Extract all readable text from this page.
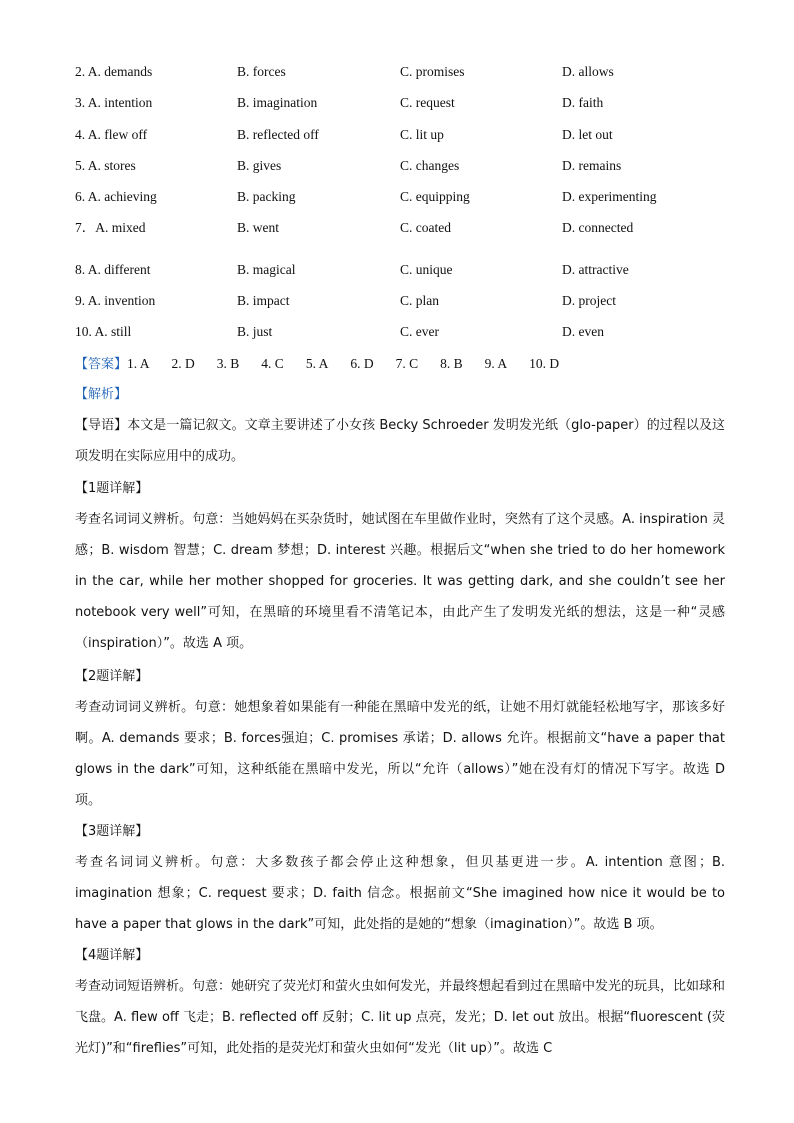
2. A. demands	B. forces	C. promises	D. allows
3. A. intention	B. imagination	C. request	D. faith
4. A. flew off	B. reflected off	C. lit up	D. let out
5. A. stores	B. gives	C. changes	D. remains
6. A. achieving	B. packing	C. equipping	D. experimenting
7．A. mixed	B. went	C. coated	D. connected
8. A. different	B. magical	C. unique	D. attractive
9. A. invention	B. impact	C. plan	D. project
10. A. still	B. just	C. ever	D. even
【答案】1. A 2. D 3. B 4. C 5. A 6. D 7. C 8. B 9. A 10. D
【解析】
【导语】本文是一篇记叙文。文章主要讲述了小女孩 Becky Schroeder 发明发光纸（glo-paper）的过程以及这项发明在实际应用中的成功。
【1题详解】
考查名词词义辨析。句意：当她妈妈在买杂货时，她试图在车里做作业时，突然有了这个灵感。A. inspiration 灵感；B. wisdom 智慧；C. dream 梦想；D. interest 兴趣。根据后文“when she tried to do her homework in the car, while her mother shopped for groceries. It was getting dark, and she couldn’t see her notebook very well”可知，在黑暗的环境里看不清笔记本，由此产生了发明发光纸的想法，这是一种“灵感（inspiration）”。故选 A 项。
【2题详解】
考查动词词义辨析。句意：她想象着如果能有一种能在黑暗中发光的纸，让她不用灯就能轻松地写字，那该多好啊。A. demands 要求；B. forces强迫；C. promises 承诺；D. allows 允许。根据前文“have a paper that glows in the dark”可知，这种纸能在黑暗中发光，所以“允许（allows）”她在没有灯的情况下写字。故选 D 项。
【3题详解】
考查名词词义辨析。句意：大多数孩子都会停止这种想象，但贝基更进一步。A. intention 意图；B. imagination 想象；C. request 要求；D. faith 信念。根据前文“She imagined how nice it would be to have a paper that glows in the dark”可知，此处指的是她的“想象（imagination）”。故选 B 项。
【4题详解】
考查动词短语辨析。句意：她研究了荧光灯和萤火虫如何发光，并最终想起看到过在黑暗中发光的玩具，比如球和飞盘。A. flew off 飞走；B. reflected off 反射；C. lit up 点亮，发光；D. let out 放出。根据“fluorescent (荧光灯)”和“fireflies”可知，此处指的是荧光灯和萤火虫如何“发光（lit up）”。故选 C
